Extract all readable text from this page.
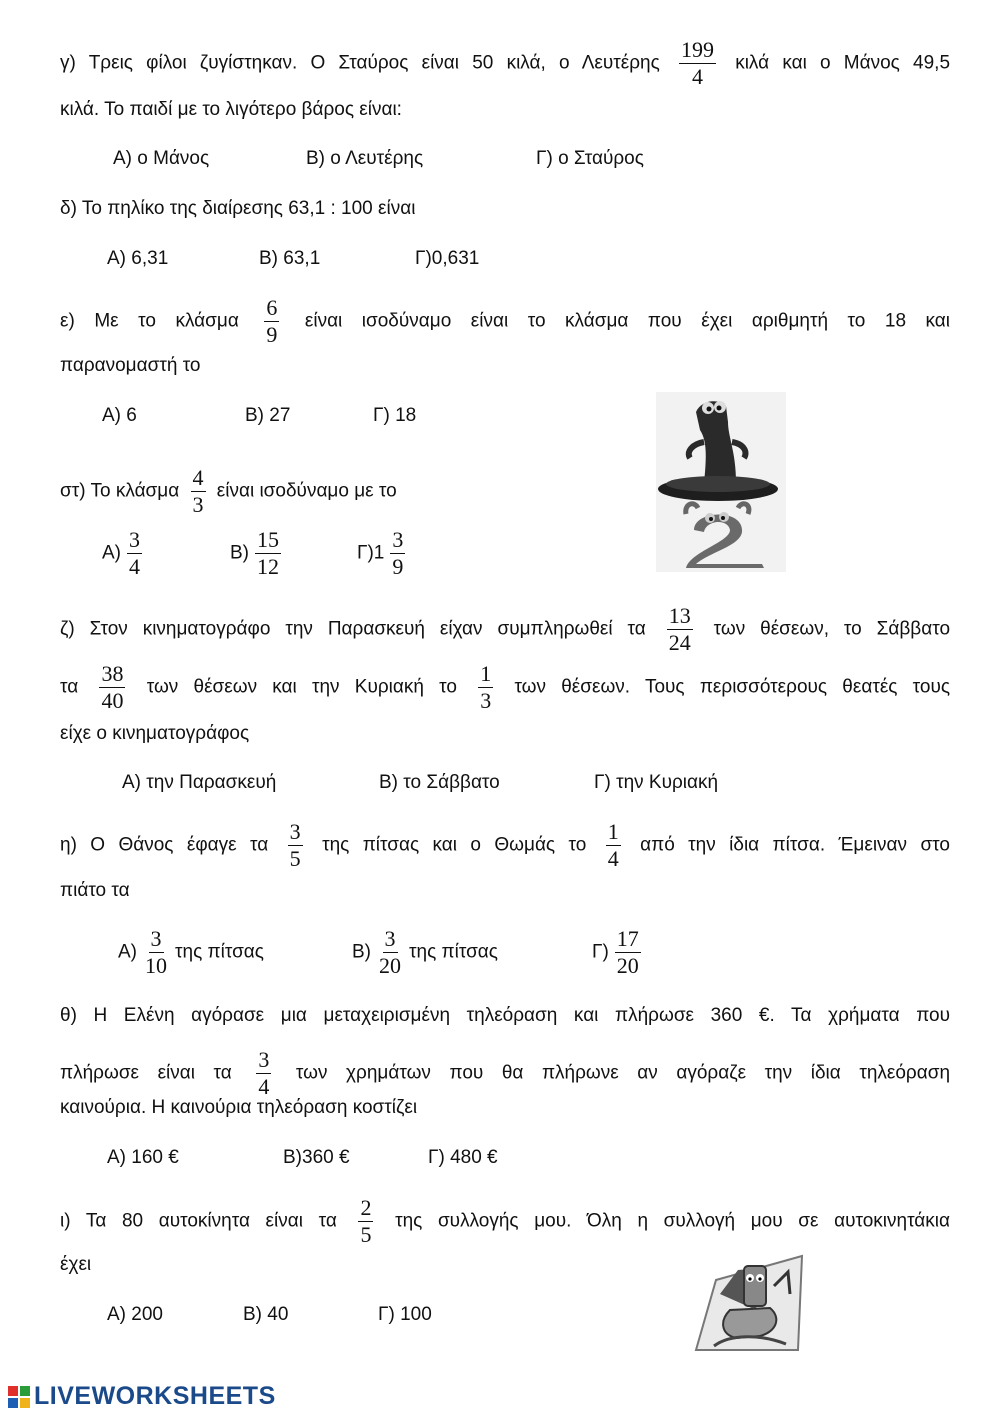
γ) Τρεις φίλοι ζυγίστηκαν. Ο Σταύρος είναι 50 κιλά, ο Λευτέρης $\frac{199}{4}$ κιλά και ο Μάνος 49,5
κιλά. Το παιδί με το λιγότερο βάρος είναι:
Α) ο Μάνος	Β) ο Λευτέρης	Γ) ο Σταύρος
δ) Το πηλίκο της διαίρεσης 63,1 : 100 είναι
Α) 6,31	Β) 63,1	Γ)0,631
ε) Με το κλάσμα $\frac{6}{9}$ είναι ισοδύναμο είναι το κλάσμα που έχει αριθμητή το 18 και
παρανομαστή το
Α) 6	Β) 27	Γ) 18
στ) Το κλάσμα $\frac{4}{3}$ είναι ισοδύναμο με το
$A) \frac{3}{4}$	$B) \frac{15}{12}$	$\Gamma)1 \frac{3}{9}$
ζ) Στον κινηματογράφο την Παρασκευή είχαν συμπληρωθεί τα $\frac{13}{24}$ των θέσεων, το Σάββατο
τα $\frac{38}{40}$ των θέσεων και την Κυριακή το $\frac{1}{3}$ των θέσεων. Τους περισσότερους θεατές τους
είχε ο κινηματογράφος
Α) την Παρασκευή	Β) το Σάββατο	Γ) την Κυριακή
η) Ο Θάνος έφαγε τα $\frac{3}{5}$ της πίτσας και ο Θωμάς το $\frac{1}{4}$ από την ίδια πίτσα. Έμειναν στο
πιάτο τα
$A) \frac{3}{10}$ της πίτσας	$B) \frac{3}{20}$ της πίτσας	$\Gamma) \frac{17}{20}$
θ) Η Ελένη αγόρασε μια μεταχειρισμένη τηλεόραση και πλήρωσε 360 €. Τα χρήματα που
πλήρωσε είναι τα $\frac{3}{4}$ των χρημάτων που θα πλήρωνε αν αγόραζε την ίδια τηλεόραση
καινούρια. Η καινούρια τηλεόραση κοστίζει
Α) 160 €	Β)360 €	Γ) 480 €
ι) Τα 80 αυτοκίνητα είναι τα $\frac{2}{5}$ της συλλογής μου. Όλη η συλλογή μου σε αυτοκινητάκια
έχει
Α) 200	Β) 40	Γ) 100
LIVEWORKSHEETS
